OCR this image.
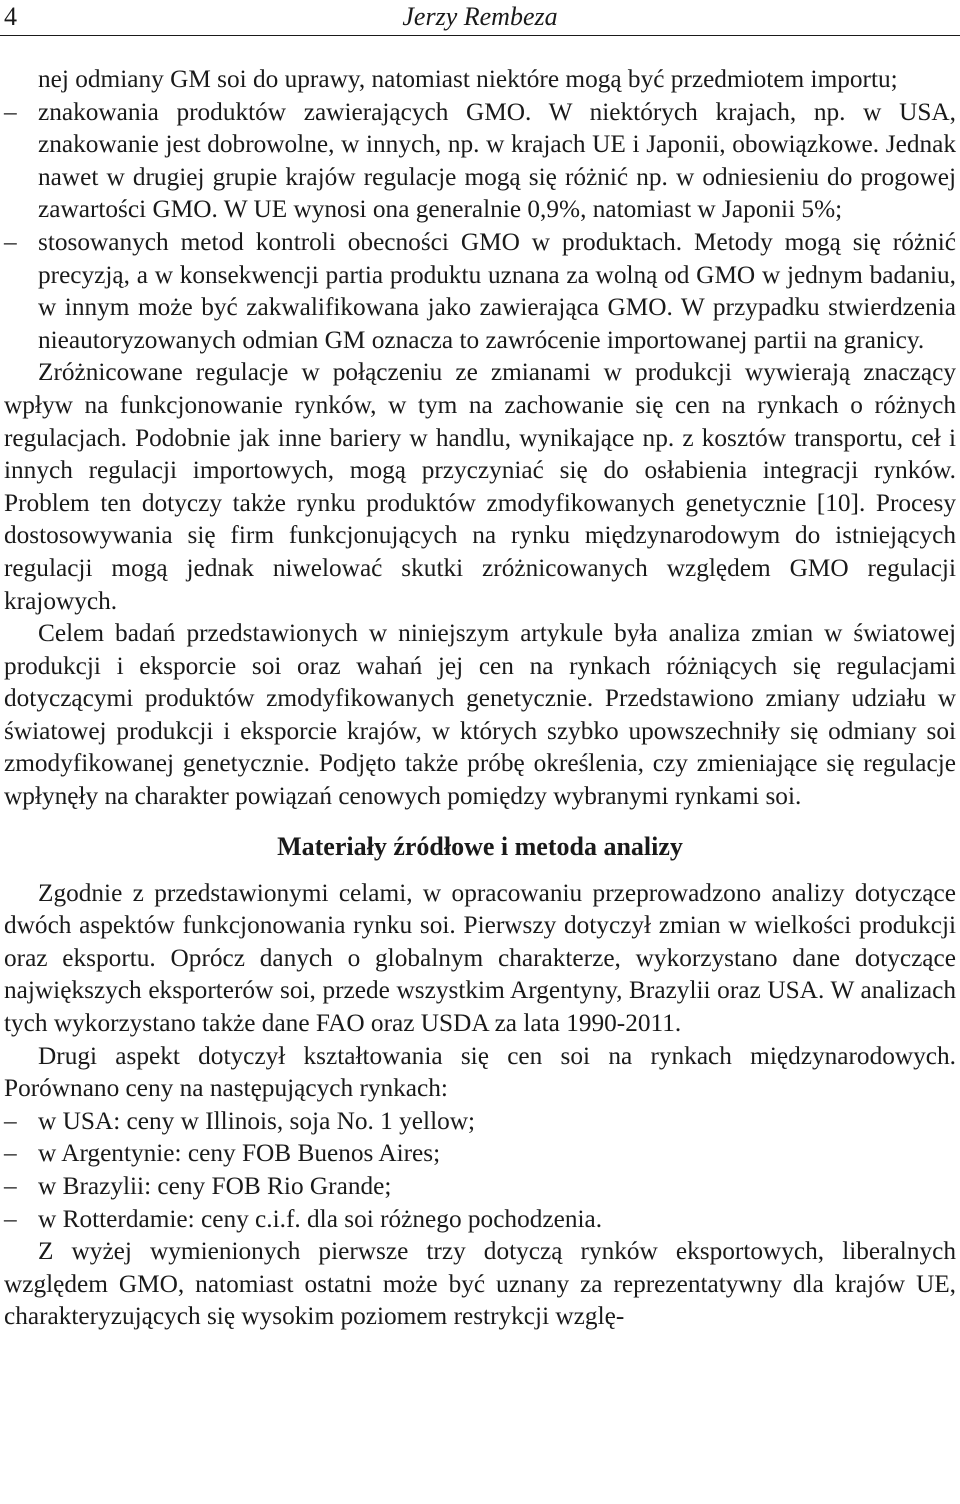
4	Jerzy Rembeza
nej odmiany GM soi do uprawy, natomiast niektóre mogą być przedmiotem importu;
– znakowania produktów zawierających GMO. W niektórych krajach, np. w USA, znakowanie jest dobrowolne, w innych, np. w krajach UE i Japonii, obowiązkowe. Jednak nawet w drugiej grupie krajów regulacje mogą się różnić np. w odniesieniu do progowej zawartości GMO. W UE wynosi ona generalnie 0,9%, natomiast w Japonii 5%;
– stosowanych metod kontroli obecności GMO w produktach. Metody mogą się różnić precyzją, a w konsekwencji partia produktu uznana za wolną od GMO w jednym badaniu, w innym może być zakwalifikowana jako zawierająca GMO. W przypadku stwierdzenia nieautoryzowanych odmian GM oznacza to zawrócenie importowanej partii na granicy.

Zróżnicowane regulacje w połączeniu ze zmianami w produkcji wywierają znaczący wpływ na funkcjonowanie rynków, w tym na zachowanie się cen na rynkach o różnych regulacjach. Podobnie jak inne bariery w handlu, wynikające np. z kosztów transportu, ceł i innych regulacji importowych, mogą przyczyniać się do osłabienia integracji rynków. Problem ten dotyczy także rynku produktów zmodyfikowanych genetycznie [10]. Procesy dostosowywania się firm funkcjonujących na rynku międzynarodowym do istniejących regulacji mogą jednak niwelować skutki zróżnicowanych względem GMO regulacji krajowych.

Celem badań przedstawionych w niniejszym artykule była analiza zmian w światowej produkcji i eksporcie soi oraz wahań jej cen na rynkach różniących się regulacjami dotyczącymi produktów zmodyfikowanych genetycznie. Przedstawiono zmiany udziału w światowej produkcji i eksporcie krajów, w których szybko upowszechniły się odmiany soi zmodyfikowanej genetycznie. Podjęto także próbę określenia, czy zmieniające się regulacje wpłynęły na charakter powiązań cenowych pomiędzy wybranymi rynkami soi.

Materiały źródłowe i metoda analizy

Zgodnie z przedstawionymi celami, w opracowaniu przeprowadzono analizy dotyczące dwóch aspektów funkcjonowania rynku soi. Pierwszy dotyczył zmian w wielkości produkcji oraz eksportu. Oprócz danych o globalnym charakterze, wykorzystano dane dotyczące największych eksporterów soi, przede wszystkim Argentyny, Brazylii oraz USA. W analizach tych wykorzystano także dane FAO oraz USDA za lata 1990-2011.

Drugi aspekt dotyczył kształtowania się cen soi na rynkach międzynarodowych. Porównano ceny na następujących rynkach:

– w USA: ceny w Illinois, soja No. 1 yellow;
– w Argentynie: ceny FOB Buenos Aires;
– w Brazylii: ceny FOB Rio Grande;
– w Rotterdamie: ceny c.i.f. dla soi różnego pochodzenia.

Z wyżej wymienionych pierwsze trzy dotyczą rynków eksportowych, liberalnych względem GMO, natomiast ostatni może być uznany za reprezentatywny dla krajów UE, charakteryzujących się wysokim poziomem restrykcji wzglę-
